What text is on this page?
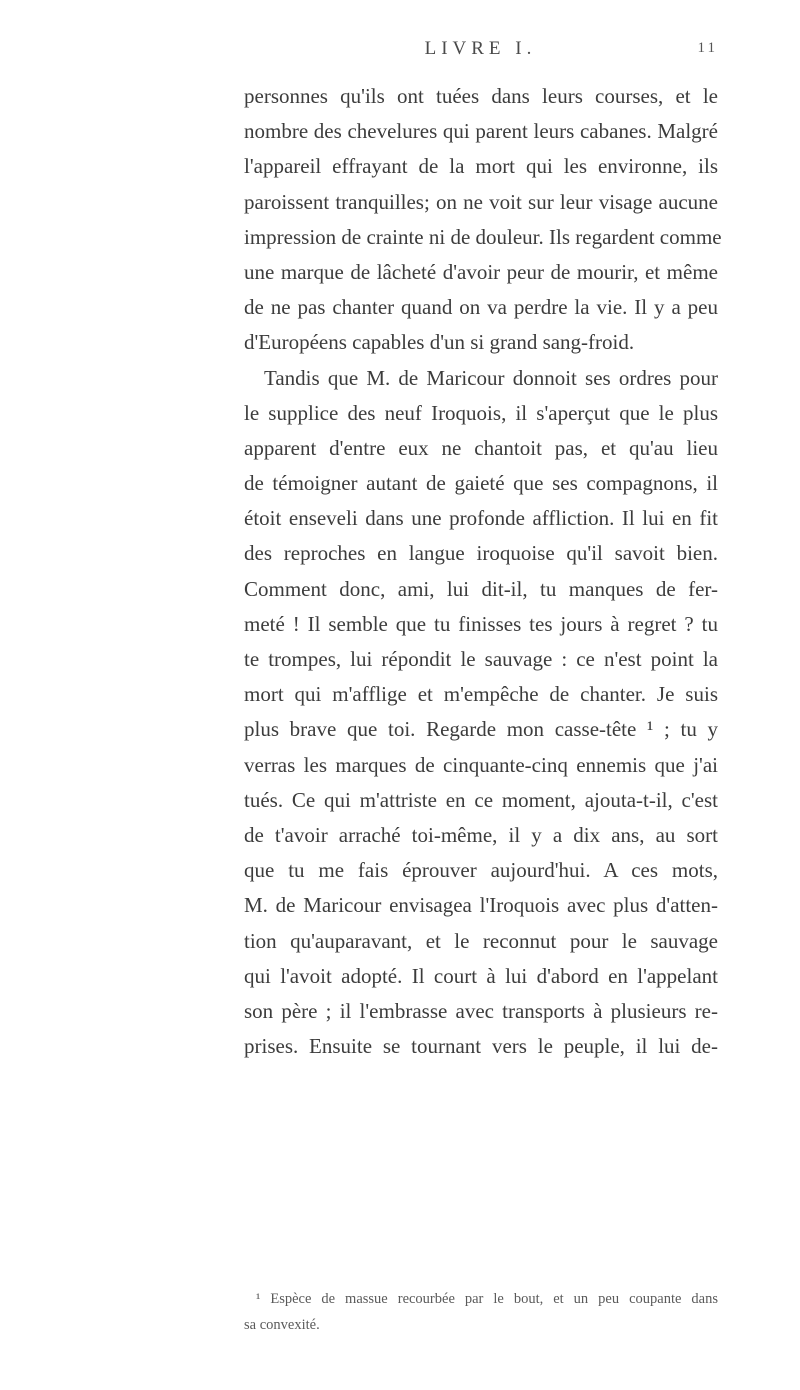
LIVRE I.	11
personnes qu'ils ont tuées dans leurs courses, et le
nombre des chevelures qui parent leurs cabanes. Malgré
l'appareil effrayant de la mort qui les environne, ils
paroissent tranquilles; on ne voit sur leur visage aucune
impression de crainte ni de douleur. Ils regardent comme
une marque de lâcheté d'avoir peur de mourir, et même
de ne pas chanter quand on va perdre la vie. Il y a peu
d'Européens capables d'un si grand sang-froid.
Tandis que M. de Maricour donnoit ses ordres pour
le supplice des neuf Iroquois, il s'aperçut que le plus
apparent d'entre eux ne chantoit pas, et qu'au lieu
de témoigner autant de gaieté que ses compagnons, il
étoit enseveli dans une profonde affliction. Il lui en fit
des reproches en langue iroquoise qu'il savoit bien.
Comment donc, ami, lui dit-il, tu manques de fer-
meté ! Il semble que tu finisses tes jours à regret ? tu
te trompes, lui répondit le sauvage : ce n'est point la
mort qui m'afflige et m'empêche de chanter. Je suis
plus brave que toi. Regarde mon casse-tête ¹ ; tu y
verras les marques de cinquante-cinq ennemis que j'ai
tués. Ce qui m'attriste en ce moment, ajouta-t-il, c'est
de t'avoir arraché toi-même, il y a dix ans, au sort
que tu me fais éprouver aujourd'hui. A ces mots,
M. de Maricour envisagea l'Iroquois avec plus d'atten-
tion qu'auparavant, et le reconnut pour le sauvage
qui l'avoit adopté. Il court à lui d'abord en l'appelant
son père ; il l'embrasse avec transports à plusieurs re-
prises. Ensuite se tournant vers le peuple, il lui de-
¹ Espèce de massue recourbée par le bout, et un peu coupante dans
sa convexité.
